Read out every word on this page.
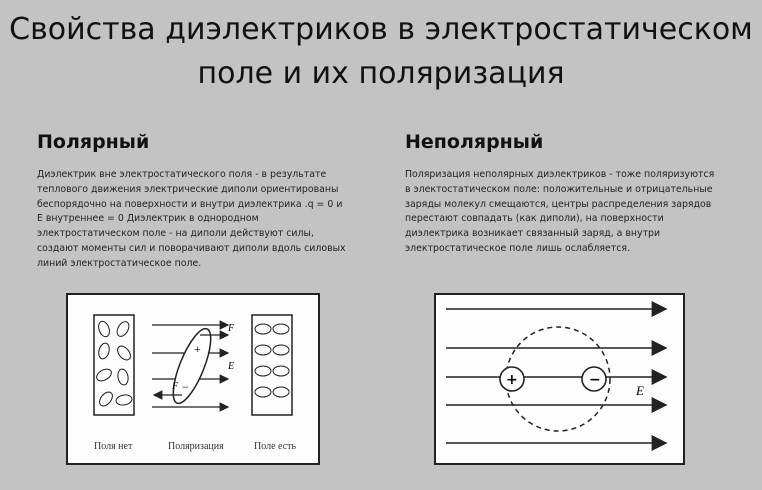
Свойства диэлектриков в электростатическом
поле и их поляризация
Полярный	Неполярный
Диэлектрик вне электростатического поля - в результате
теплового движения электрические диполи ориентированы
беспорядочно на поверхности и внутри диэлектрика .q = 0 и
E внутреннее = 0 Диэлектрик в однородном
электростатическом поле - на диполи действуют силы,
создают моменты сил и поворачивают диполи вдоль силовых
линий электростатическое поле.
Поляризация неполярных диэлектриков - тоже поляризуются
в электостатическом поле: положительные и отрицательные
заряды молекул смещаются, центры распределения зарядов
перестают совпадать (как диполи), на поверхности
диэлектрика возникает связанный заряд, а внутри
электростатическое поле лишь ослабляется.
+
−
F
F
E
Поля нет	Поляризация	Поле есть
+	−
E
